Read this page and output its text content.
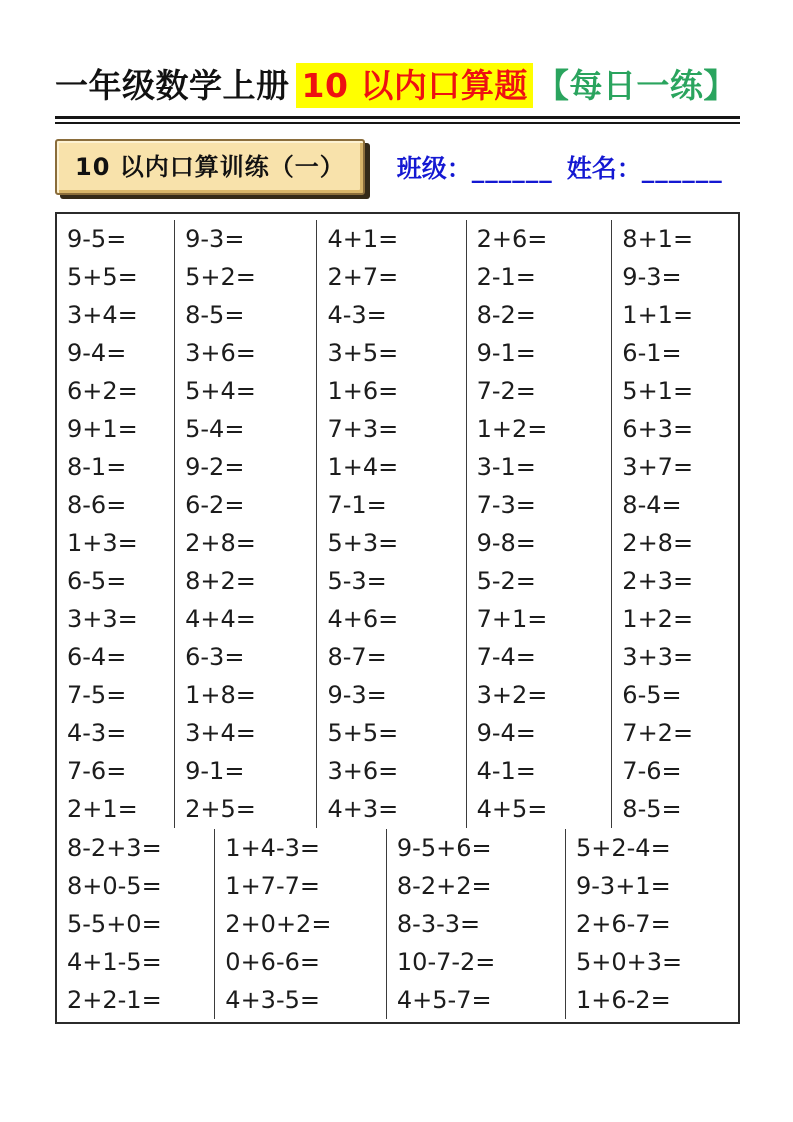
一年级数学上册 10 以内口算题 【每日一练】
10 以内口算训练（一）	班级：______ 姓名：______
9-5=
5+5=
3+4=
9-4=
6+2=
9+1=
8-1=
8-6=
1+3=
6-5=
3+3=
6-4=
7-5=
4-3=
7-6=
2+1=
9-3=
5+2=
8-5=
3+6=
5+4=
5-4=
9-2=
6-2=
2+8=
8+2=
4+4=
6-3=
1+8=
3+4=
9-1=
2+5=
4+1=
2+7=
4-3=
3+5=
1+6=
7+3=
1+4=
7-1=
5+3=
5-3=
4+6=
8-7=
9-3=
5+5=
3+6=
4+3=
2+6=
2-1=
8-2=
9-1=
7-2=
1+2=
3-1=
7-3=
9-8=
5-2=
7+1=
7-4=
3+2=
9-4=
4-1=
4+5=
8+1=
9-3=
1+1=
6-1=
5+1=
6+3=
3+7=
8-4=
2+8=
2+3=
1+2=
3+3=
6-5=
7+2=
7-6=
8-5=
8-2+3=
8+0-5=
5-5+0=
4+1-5=
2+2-1=
1+4-3=
1+7-7=
2+0+2=
0+6-6=
4+3-5=
9-5+6=
8-2+2=
8-3-3=
10-7-2=
4+5-7=
5+2-4=
9-3+1=
2+6-7=
5+0+3=
1+6-2=
